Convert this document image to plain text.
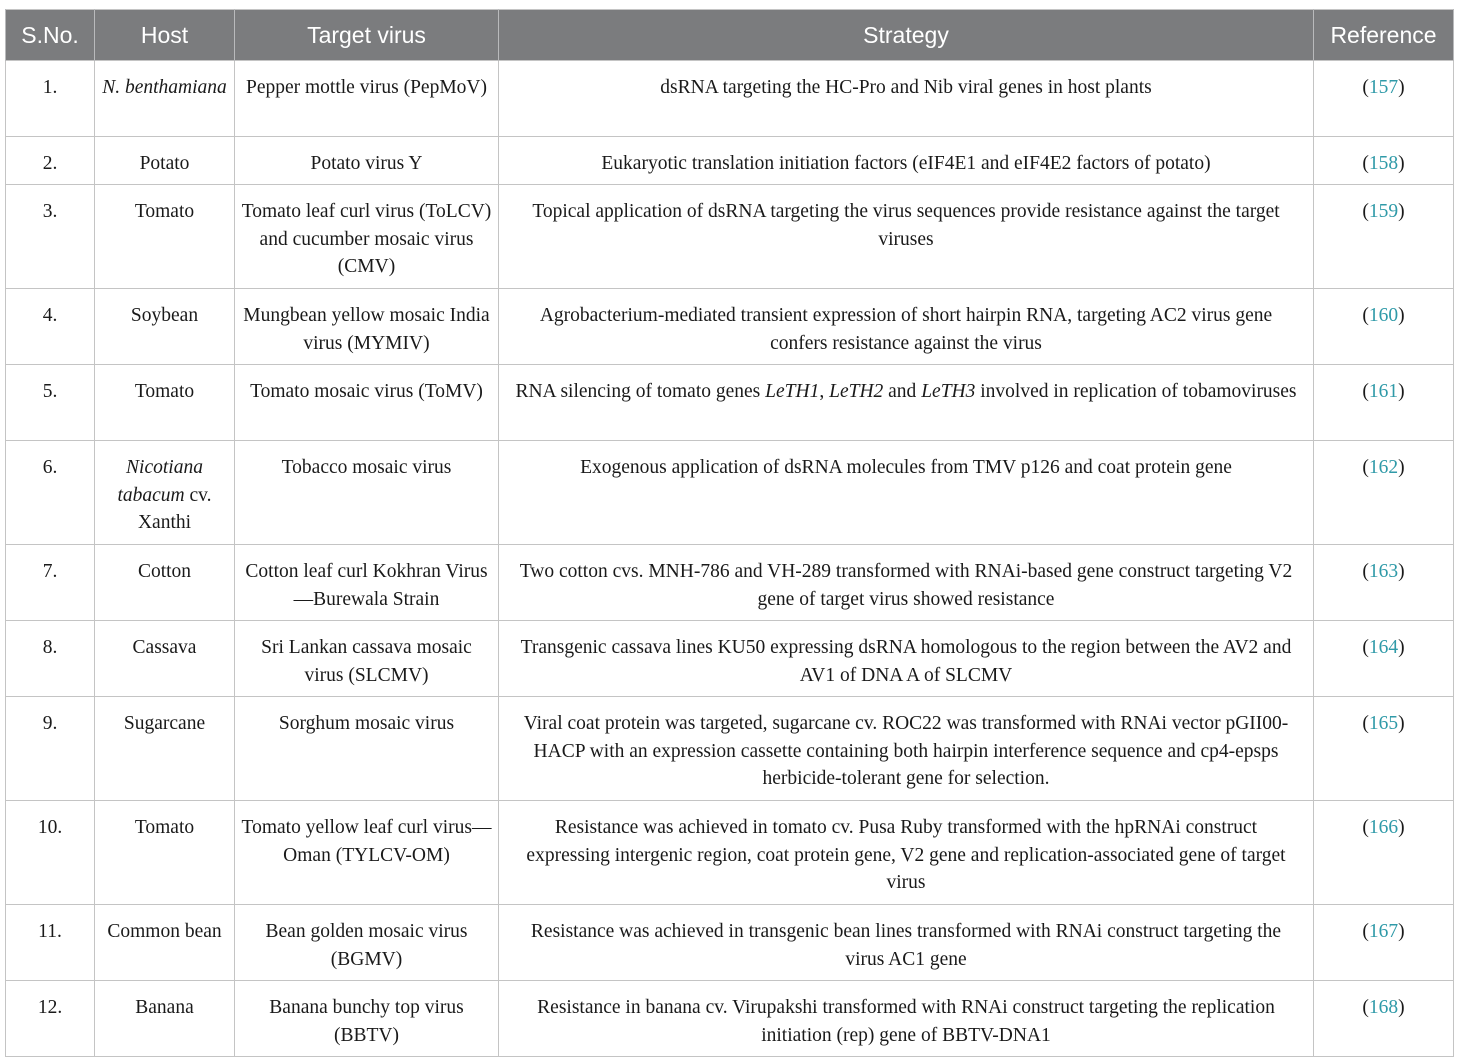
S.No.	Host	Target virus	Strategy	Reference
1.	N. benthamiana	Pepper mottle virus (PepMoV)	dsRNA targeting the HC-Pro and Nib viral genes in host plants	(157)
2.	Potato	Potato virus Y	Eukaryotic translation initiation factors (eIF4E1 and eIF4E2 factors of potato)	(158)
3.	Tomato	Tomato leaf curl virus (ToLCV) and cucumber mosaic virus (CMV)	Topical application of dsRNA targeting the virus sequences provide resistance against the target viruses	(159)
4.	Soybean	Mungbean yellow mosaic India virus (MYMIV)	Agrobacterium-mediated transient expression of short hairpin RNA, targeting AC2 virus gene confers resistance against the virus	(160)
5.	Tomato	Tomato mosaic virus (ToMV)	RNA silencing of tomato genes LeTH1, LeTH2 and LeTH3 involved in replication of tobamoviruses	(161)
6.	Nicotiana tabacum cv. Xanthi	Tobacco mosaic virus	Exogenous application of dsRNA molecules from TMV p126 and coat protein gene	(162)
7.	Cotton	Cotton leaf curl Kokhran Virus—Burewala Strain	Two cotton cvs. MNH-786 and VH-289 transformed with RNAi-based gene construct targeting V2 gene of target virus showed resistance	(163)
8.	Cassava	Sri Lankan cassava mosaic virus (SLCMV)	Transgenic cassava lines KU50 expressing dsRNA homologous to the region between the AV2 and AV1 of DNA A of SLCMV	(164)
9.	Sugarcane	Sorghum mosaic virus	Viral coat protein was targeted, sugarcane cv. ROC22 was transformed with RNAi vector pGII00-HACP with an expression cassette containing both hairpin interference sequence and cp4-epsps herbicide-tolerant gene for selection.	(165)
10.	Tomato	Tomato yellow leaf curl virus—Oman (TYLCV-OM)	Resistance was achieved in tomato cv. Pusa Ruby transformed with the hpRNAi construct expressing intergenic region, coat protein gene, V2 gene and replication-associated gene of target virus	(166)
11.	Common bean	Bean golden mosaic virus (BGMV)	Resistance was achieved in transgenic bean lines transformed with RNAi construct targeting the virus AC1 gene	(167)
12.	Banana	Banana bunchy top virus (BBTV)	Resistance in banana cv. Virupakshi transformed with RNAi construct targeting the replication initiation (rep) gene of BBTV-DNA1	(168)
